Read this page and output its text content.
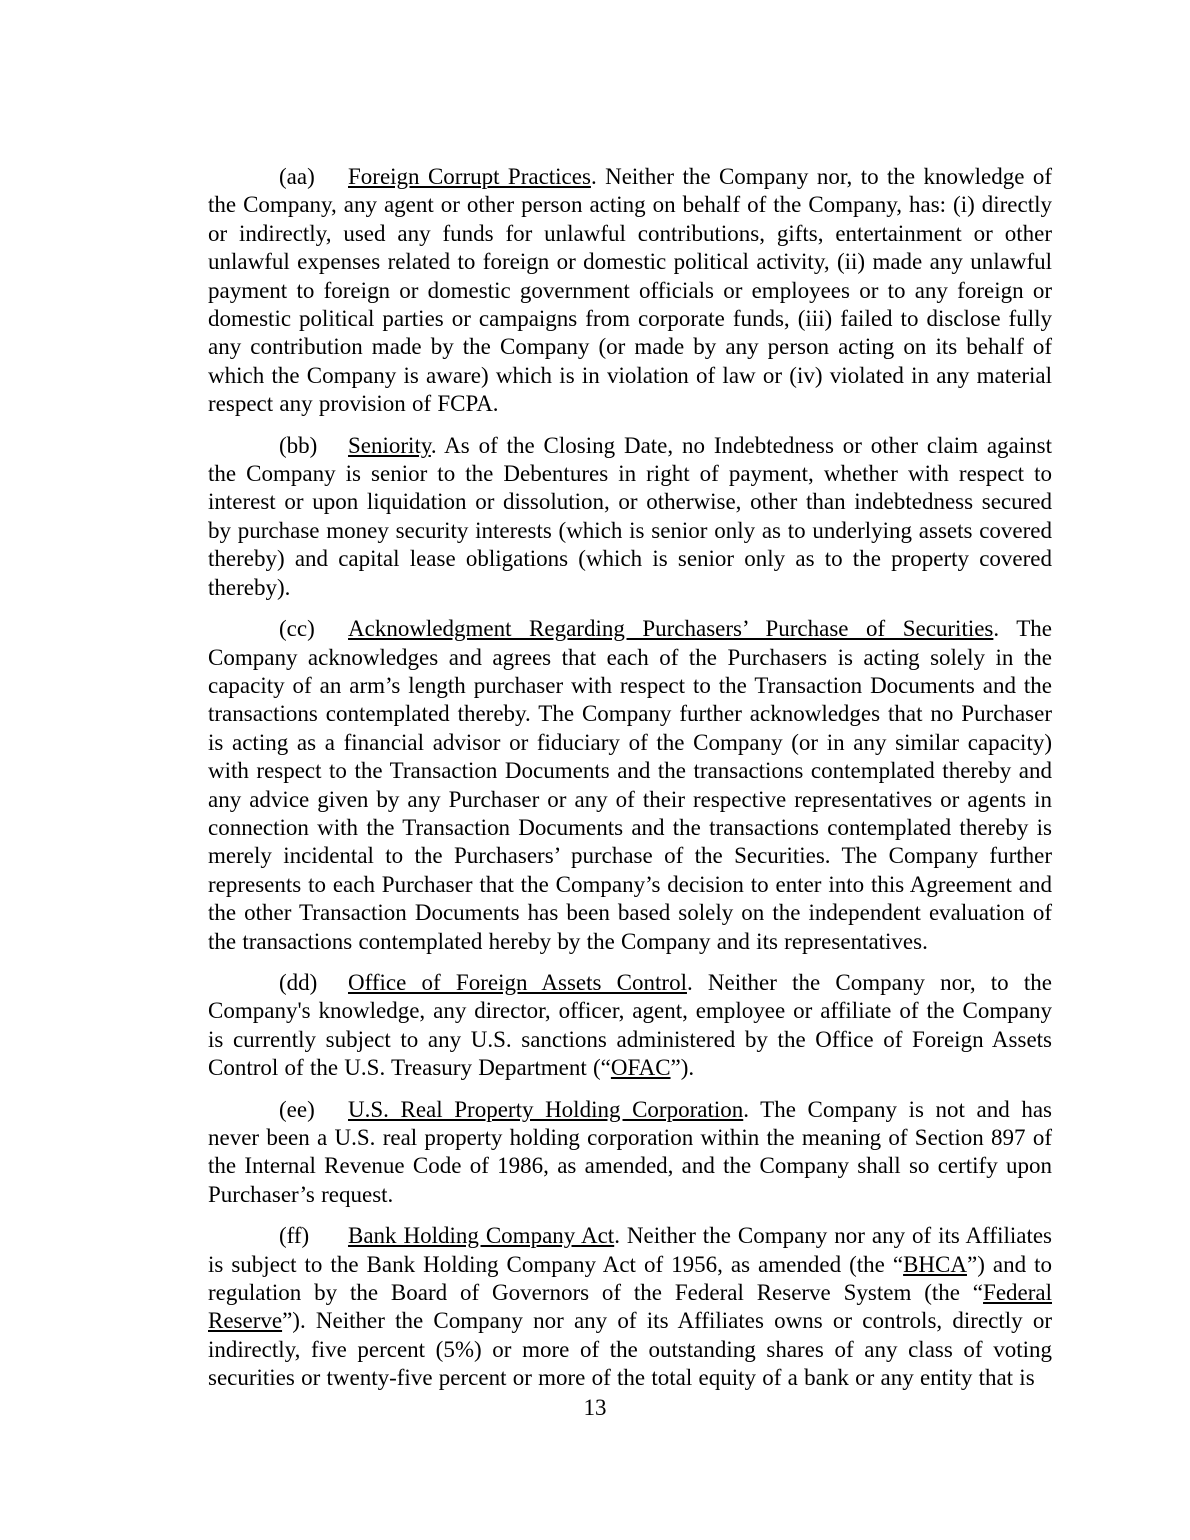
(aa) Foreign Corrupt Practices. Neither the Company nor, to the knowledge of the Company, any agent or other person acting on behalf of the Company, has: (i) directly or indirectly, used any funds for unlawful contributions, gifts, entertainment or other unlawful expenses related to foreign or domestic political activity, (ii) made any unlawful payment to foreign or domestic government officials or employees or to any foreign or domestic political parties or campaigns from corporate funds, (iii) failed to disclose fully any contribution made by the Company (or made by any person acting on its behalf of which the Company is aware) which is in violation of law or (iv) violated in any material respect any provision of FCPA.

(bb) Seniority. As of the Closing Date, no Indebtedness or other claim against the Company is senior to the Debentures in right of payment, whether with respect to interest or upon liquidation or dissolution, or otherwise, other than indebtedness secured by purchase money security interests (which is senior only as to underlying assets covered thereby) and capital lease obligations (which is senior only as to the property covered thereby).

(cc) Acknowledgment Regarding Purchasers’ Purchase of Securities. The Company acknowledges and agrees that each of the Purchasers is acting solely in the capacity of an arm’s length purchaser with respect to the Transaction Documents and the transactions contemplated thereby. The Company further acknowledges that no Purchaser is acting as a financial advisor or fiduciary of the Company (or in any similar capacity) with respect to the Transaction Documents and the transactions contemplated thereby and any advice given by any Purchaser or any of their respective representatives or agents in connection with the Transaction Documents and the transactions contemplated thereby is merely incidental to the Purchasers’ purchase of the Securities. The Company further represents to each Purchaser that the Company’s decision to enter into this Agreement and the other Transaction Documents has been based solely on the independent evaluation of the transactions contemplated hereby by the Company and its representatives.

(dd) Office of Foreign Assets Control. Neither the Company nor, to the Company's knowledge, any director, officer, agent, employee or affiliate of the Company is currently subject to any U.S. sanctions administered by the Office of Foreign Assets Control of the U.S. Treasury Department (“OFAC”).

(ee) U.S. Real Property Holding Corporation. The Company is not and has never been a U.S. real property holding corporation within the meaning of Section 897 of the Internal Revenue Code of 1986, as amended, and the Company shall so certify upon Purchaser’s request.

(ff) Bank Holding Company Act. Neither the Company nor any of its Affiliates is subject to the Bank Holding Company Act of 1956, as amended (the “BHCA”) and to regulation by the Board of Governors of the Federal Reserve System (the “Federal Reserve”). Neither the Company nor any of its Affiliates owns or controls, directly or indirectly, five percent (5%) or more of the outstanding shares of any class of voting securities or twenty-five percent or more of the total equity of a bank or any entity that is

13
